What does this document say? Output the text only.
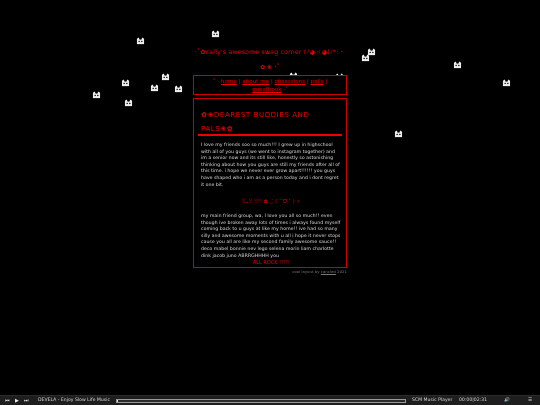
·˚✿cally's awesome swag corner (ﾉ◕ヮ◕)ﾉ*:・
✿ ❀ ･˚
˚ · home | about me | obsessions | polls |
guestbook ·˚
✿❀DEAREST BUDDIES AND PALS❀✿

I love my friends soo so much!!! I grew up in highschool with all of you guys (we went to instagram together) and im a senior now and its still like, honestly so astonishing thinking about how you guys are still my friends after all of this time. i hope we never ever grow apart!!!!!! you guys have shaped who i am as a person today and i dont regret it one bit.

ꈍᴗꈍ !!!! ✿ ◡̈ ( ˃ ᗜ ˂ ) ✧

my main friend group, wa, I love you all so much!! even though ive broken away lots of times i always found myself coming back to u guys at like my home!! ive had so many silly and awesome moments with u all i hope it never stops cause you all are like my second family awesome sauce!! deco mabel bonnie nev lego selena morin liam charlotte dink jacob juno ABRRGHHHH you

ALL ROCK !!!!!
cool layout by cancled 2021
⏮ ▶ ⏭ DEVELA - Enjoy Slow Life Music	SCM Music Player 00:00|02:31	🔊	☰
